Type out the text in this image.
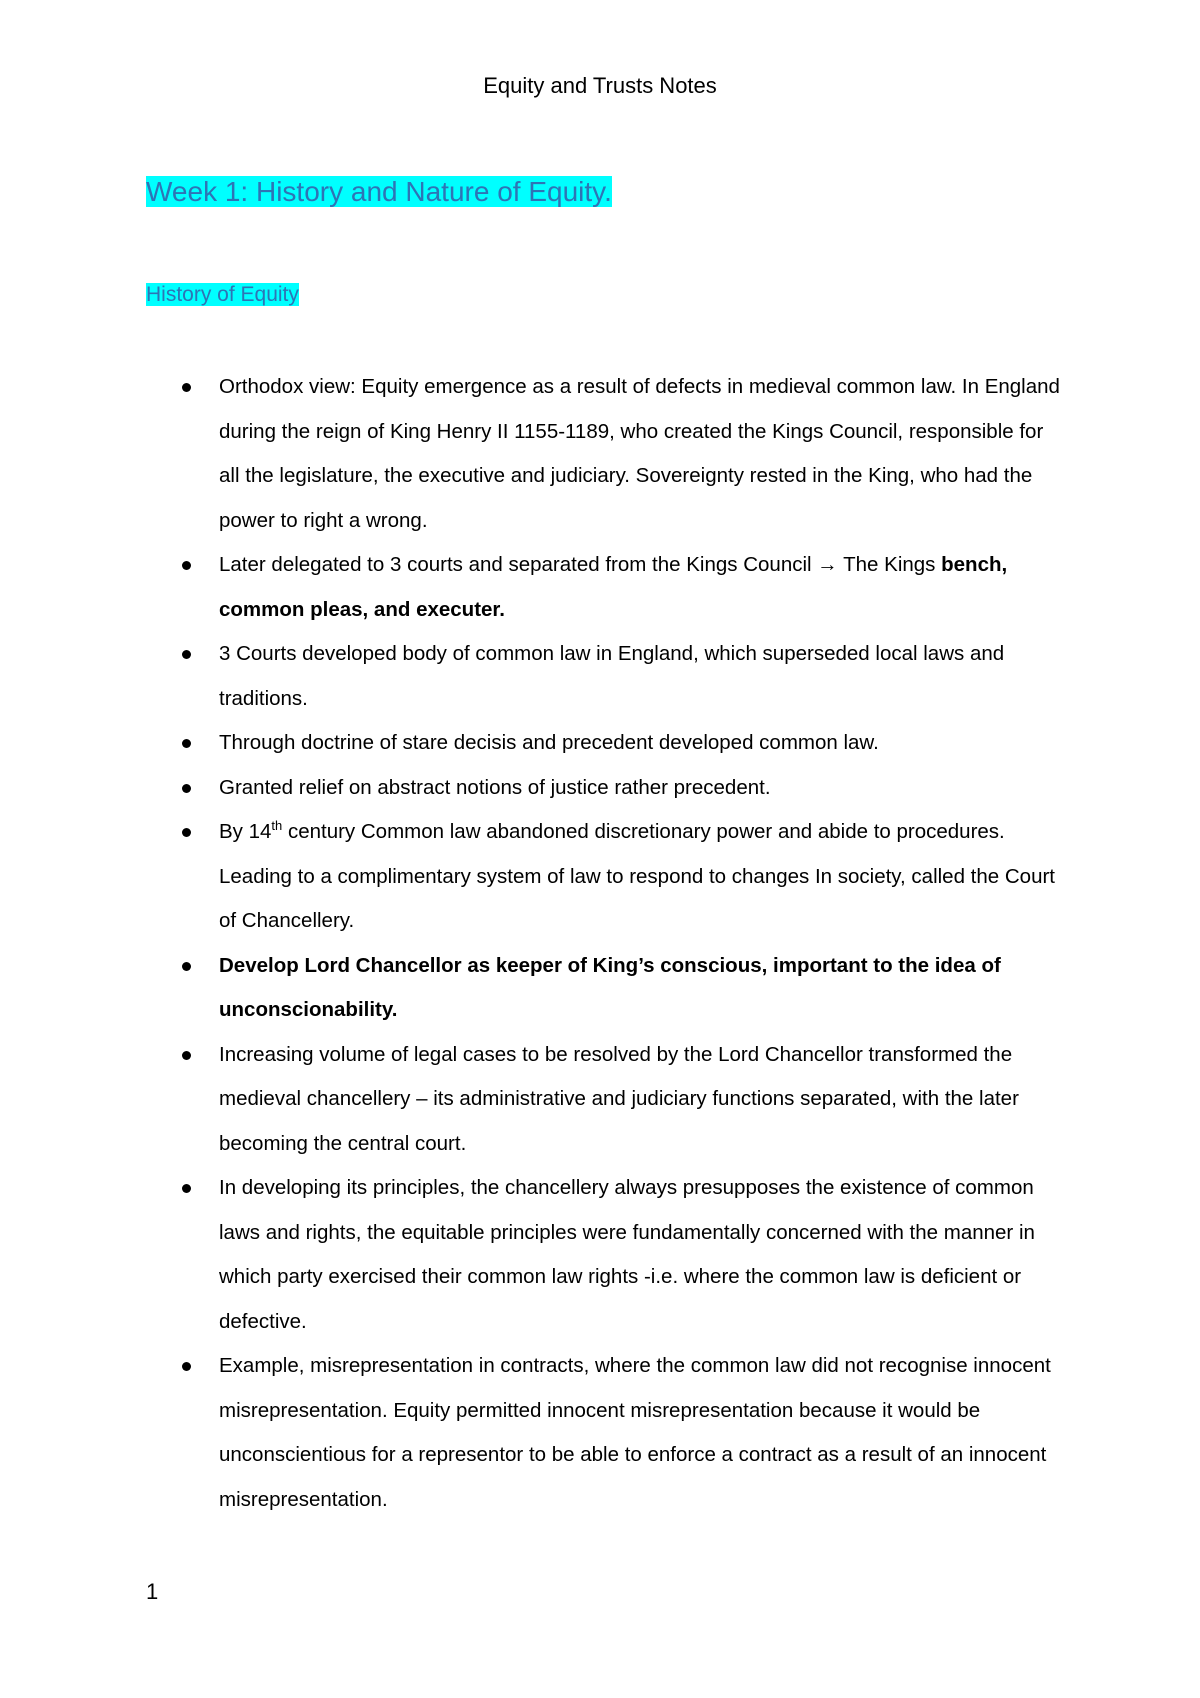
Equity and Trusts Notes
Week 1: History and Nature of Equity.
History of Equity
Orthodox view: Equity emergence as a result of defects in medieval common law. In England during the reign of King Henry II 1155-1189, who created the Kings Council, responsible for all the legislature, the executive and judiciary. Sovereignty rested in the King, who had the power to right a wrong.
Later delegated to 3 courts and separated from the Kings Council → The Kings bench, common pleas, and executer.
3 Courts developed body of common law in England, which superseded local laws and traditions.
Through doctrine of stare decisis and precedent developed common law.
Granted relief on abstract notions of justice rather precedent.
By 14th century Common law abandoned discretionary power and abide to procedures. Leading to a complimentary system of law to respond to changes In society, called the Court of Chancellery.
Develop Lord Chancellor as keeper of King’s conscious, important to the idea of unconscionability.
Increasing volume of legal cases to be resolved by the Lord Chancellor transformed the medieval chancellery – its administrative and judiciary functions separated, with the later becoming the central court.
In developing its principles, the chancellery always presupposes the existence of common laws and rights, the equitable principles were fundamentally concerned with the manner in which party exercised their common law rights -i.e. where the common law is deficient or defective.
Example, misrepresentation in contracts, where the common law did not recognise innocent misrepresentation. Equity permitted innocent misrepresentation because it would be unconscientious for a representor to be able to enforce a contract as a result of an innocent misrepresentation.
1
